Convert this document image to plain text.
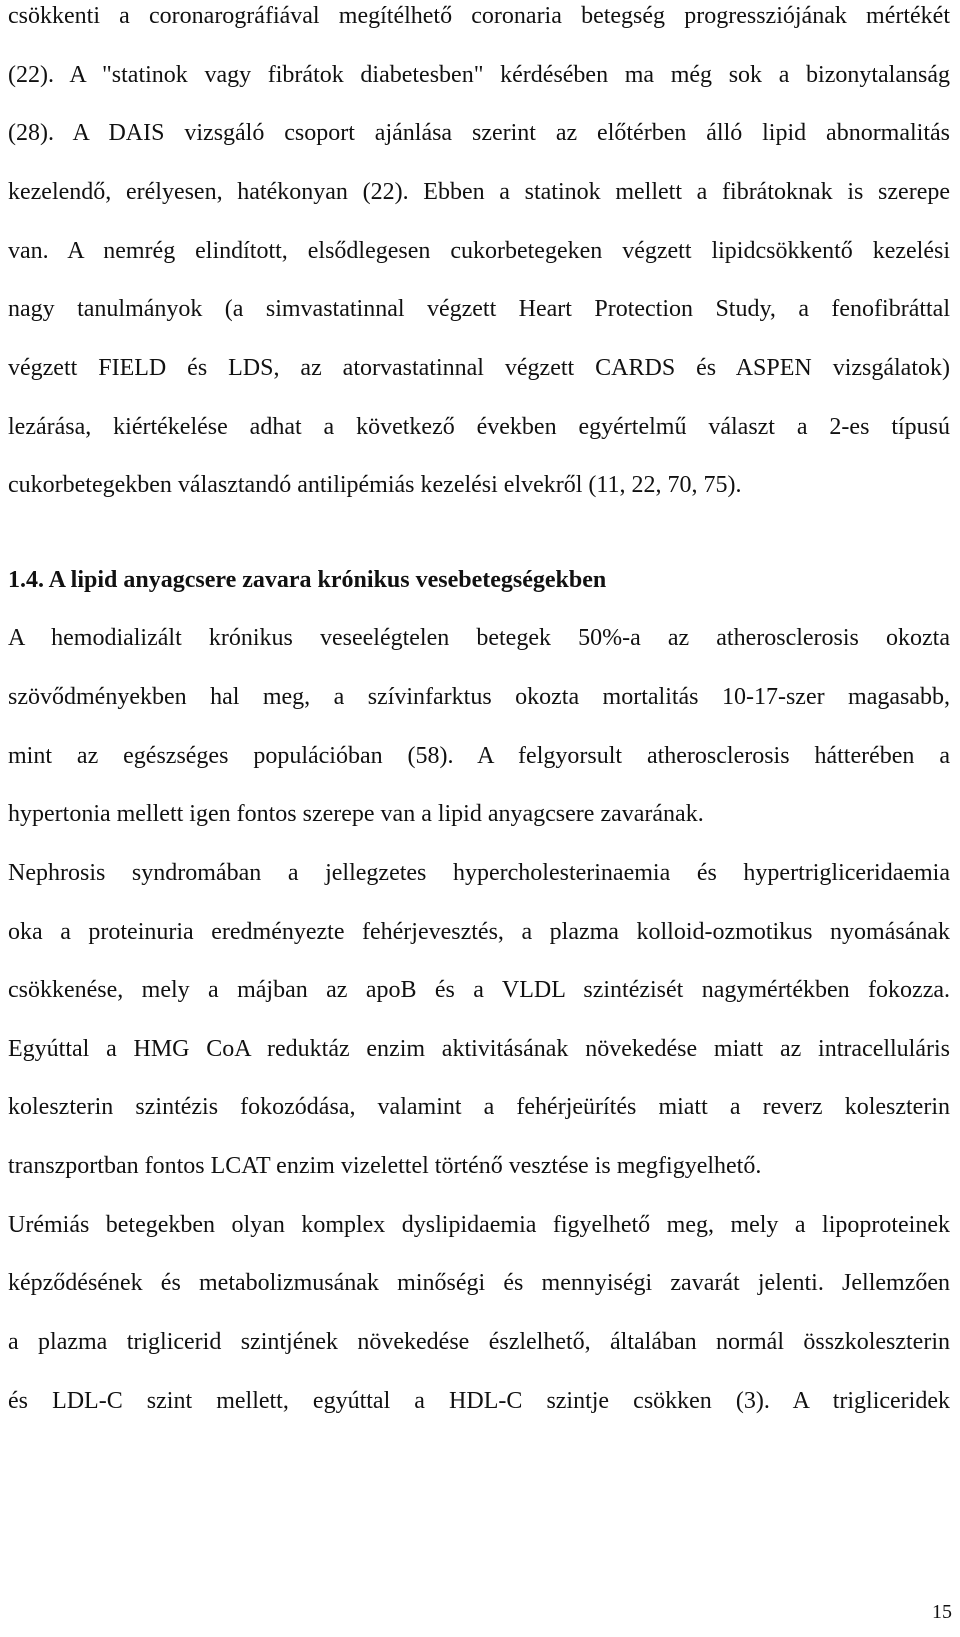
csökkenti a coronarográfiával megítélhető coronaria betegség progressziójának mértékét
(22). A "statinok vagy fibrátok diabetesben" kérdésében ma még sok a bizonytalanság
(28). A DAIS vizsgáló csoport ajánlása szerint az előtérben álló lipid abnormalitás
kezelendő, erélyesen, hatékonyan (22). Ebben a statinok mellett a fibrátoknak is szerepe
van. A nemrég elindított, elsődlegesen cukorbetegeken végzett lipidcsökkentő kezelési
nagy tanulmányok (a simvastatinnal végzett Heart Protection Study, a fenofibráttal
végzett FIELD és LDS, az atorvastatinnal végzett CARDS és ASPEN vizsgálatok)
lezárása, kiértékelése adhat a következő években egyértelmű választ a 2-es típusú
cukorbetegekben választandó antilipémiás kezelési elvekről (11, 22, 70, 75).
1.4. A lipid anyagcsere zavara krónikus vesebetegségekben
A hemodializált krónikus veseelégtelen betegek 50%-a az atherosclerosis okozta
szövődményekben hal meg, a szívinfarktus okozta mortalitás 10-17-szer magasabb,
mint az egészséges populációban (58). A felgyorsult atherosclerosis hátterében a
hypertonia mellett igen fontos szerepe van a lipid anyagcsere zavarának.
Nephrosis syndromában a jellegzetes hypercholesterinaemia és hypertrigliceridaemia
oka a proteinuria eredményezte fehérjevesztés, a plazma kolloid-ozmotikus nyomásának
csökkenése, mely a májban az apoB és a VLDL szintézisét nagymértékben fokozza.
Egyúttal a HMG CoA reduktáz enzim aktivitásának növekedése miatt az intracelluláris
koleszterin szintézis fokozódása, valamint a fehérjeürítés miatt a reverz koleszterin
transzportban fontos LCAT enzim vizelettel történő vesztése is megfigyelhető.
Urémiás betegekben olyan komplex dyslipidaemia figyelhető meg, mely a lipoproteinek
képződésének és metabolizmusának minőségi és mennyiségi zavarát jelenti. Jellemzően
a plazma triglicerid szintjének növekedése észlelhető, általában normál összkoleszterin
és LDL-C szint mellett, egyúttal a HDL-C szintje csökken (3). A trigliceridek
15
